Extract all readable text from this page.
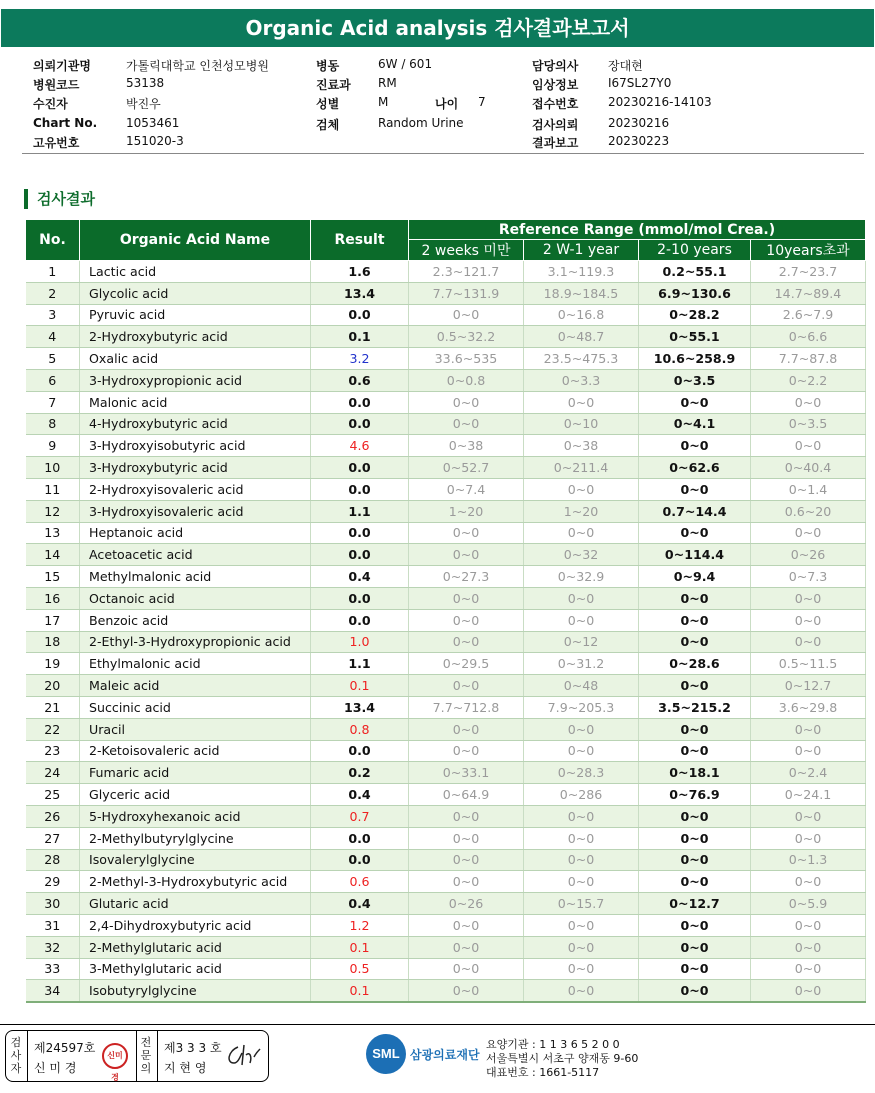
Organic Acid analysis 검사결과보고서
의뢰기관명	가톨릭대학교 인천성모병원
병원코드	53138
수진자	박진우
Chart No. 1053461
고유번호	151020-3
병동	6W / 601
진료과 RM
성별	M
검체	Random Urine
담당의사 장대현
임상정보 I67SL27Y0
접수번호 20230216-14103
검사의뢰 20230216
결과보고 20230223
나이 7
검사결과
No.	Organic Acid Name	Result	Reference Range (mmol/mol Crea.)			
			2 weeks 미만	2 W-1 year	2-10 years	10years초과
1	Lactic acid	1.6	2.3~121.7	3.1~119.3	0.2~55.1	2.7~23.7
2	Glycolic acid	13.4	7.7~131.9	18.9~184.5	6.9~130.6	14.7~89.4
3	Pyruvic acid	0.0	0~0	0~16.8	0~28.2	2.6~7.9
4	2-Hydroxybutyric acid	0.1	0.5~32.2	0~48.7	0~55.1	0~6.6
5	Oxalic acid	3.2	33.6~535	23.5~475.3	10.6~258.9	7.7~87.8
6	3-Hydroxypropionic acid	0.6	0~0.8	0~3.3	0~3.5	0~2.2
7	Malonic acid	0.0	0~0	0~0	0~0	0~0
8	4-Hydroxybutyric acid	0.0	0~0	0~10	0~4.1	0~3.5
9	3-Hydroxyisobutyric acid	4.6	0~38	0~38	0~0	0~0
10	3-Hydroxybutyric acid	0.0	0~52.7	0~211.4	0~62.6	0~40.4
11	2-Hydroxyisovaleric acid	0.0	0~7.4	0~0	0~0	0~1.4
12	3-Hydroxyisovaleric acid	1.1	1~20	1~20	0.7~14.4	0.6~20
13	Heptanoic acid	0.0	0~0	0~0	0~0	0~0
14	Acetoacetic acid	0.0	0~0	0~32	0~114.4	0~26
15	Methylmalonic acid	0.4	0~27.3	0~32.9	0~9.4	0~7.3
16	Octanoic acid	0.0	0~0	0~0	0~0	0~0
17	Benzoic acid	0.0	0~0	0~0	0~0	0~0
18	2-Ethyl-3-Hydroxypropionic acid	1.0	0~0	0~12	0~0	0~0
19	Ethylmalonic acid	1.1	0~29.5	0~31.2	0~28.6	0.5~11.5
20	Maleic acid	0.1	0~0	0~48	0~0	0~12.7
21	Succinic acid	13.4	7.7~712.8	7.9~205.3	3.5~215.2	3.6~29.8
22	Uracil	0.8	0~0	0~0	0~0	0~0
23	2-Ketoisovaleric acid	0.0	0~0	0~0	0~0	0~0
24	Fumaric acid	0.2	0~33.1	0~28.3	0~18.1	0~2.4
25	Glyceric acid	0.4	0~64.9	0~286	0~76.9	0~24.1
26	5-Hydroxyhexanoic acid	0.7	0~0	0~0	0~0	0~0
27	2-Methylbutyrylglycine	0.0	0~0	0~0	0~0	0~0
28	Isovalerylglycine	0.0	0~0	0~0	0~0	0~1.3
29	2-Methyl-3-Hydroxybutyric acid	0.6	0~0	0~0	0~0	0~0
30	Glutaric acid	0.4	0~26	0~15.7	0~12.7	0~5.9
31	2,4-Dihydroxybutyric acid	1.2	0~0	0~0	0~0	0~0
32	2-Methylglutaric acid	0.1	0~0	0~0	0~0	0~0
33	3-Methylglutaric acid	0.5	0~0	0~0	0~0	0~0
34	Isobutyrylglycine	0.1	0~0	0~0	0~0	0~0
검사자
제24597호
신 미 경
신미경
전문의
제3 3 3 호
지 현 영
SML 삼광의료재단
요양기관 : 1 1 3 6 5 2 0 0
서울특별시 서초구 양재동 9-60
대표번호 : 1661-5117
